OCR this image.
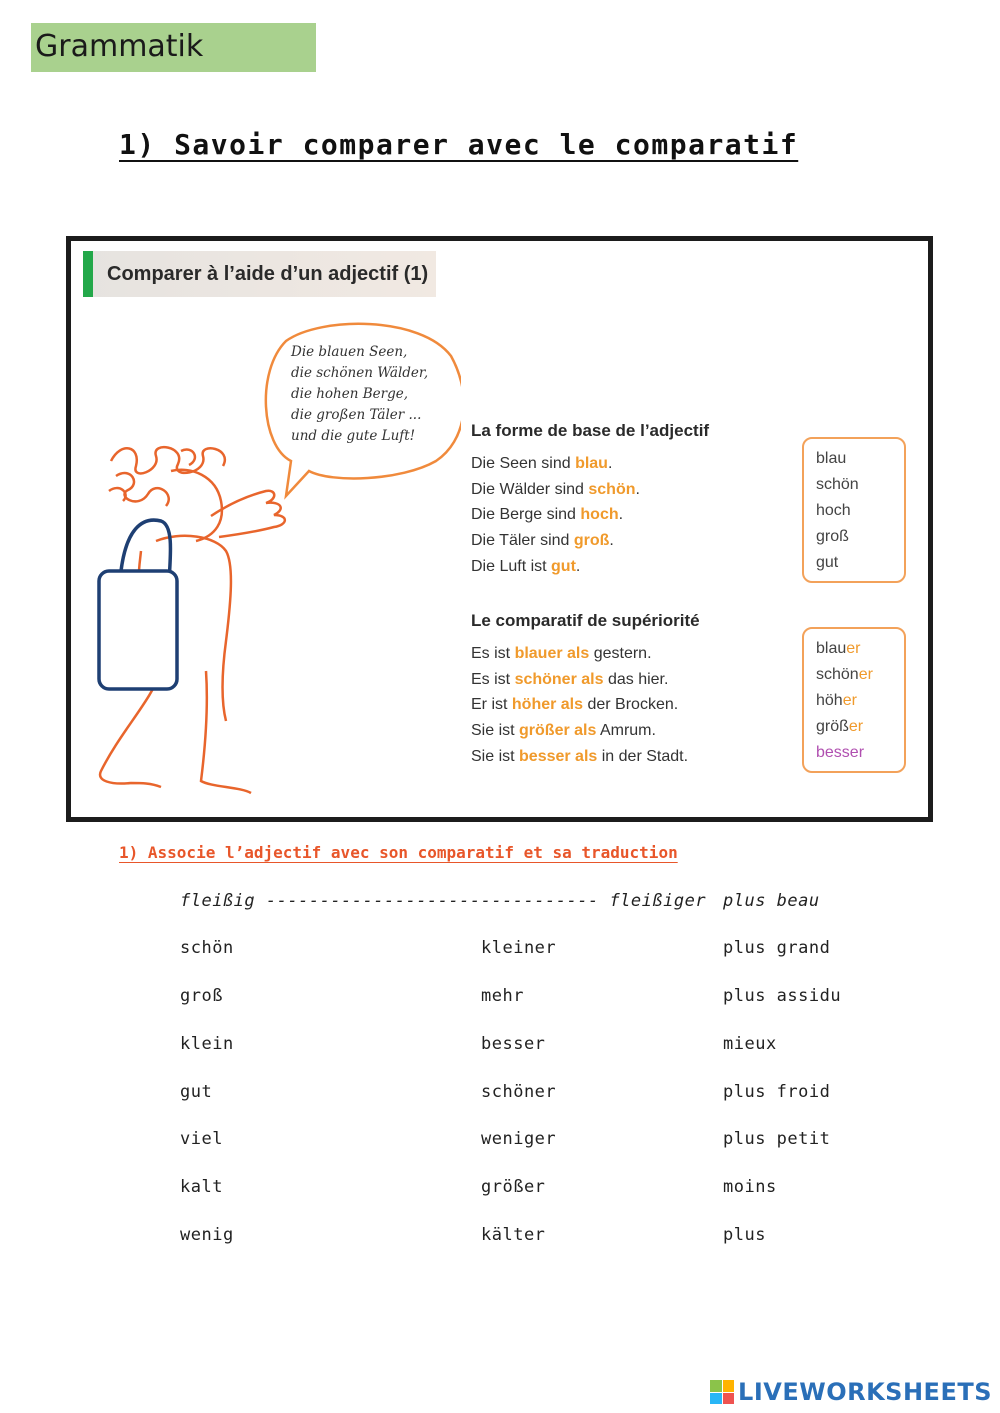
Grammatik
1) Savoir comparer avec le comparatif
Comparer à l’aide d’un adjectif (1)
Die blauen Seen,
die schönen Wälder,
die hohen Berge,
die großen Täler ...
und die gute Luft!	La forme de base de l’adjectif
Die Seen sind blau.
Die Wälder sind schön.
Die Berge sind hoch.
Die Täler sind groß.
Die Luft ist gut.
blau
schön
hoch
groß
gut
Le comparatif de supériorité
Es ist blauer als gestern.
Es ist schöner als das hier.
Er ist höher als der Brocken.
Sie ist größer als Amrum.
Sie ist besser als in der Stadt.
blauer
schöner
höher
größer
besser
1) Associe l’adjectif avec son comparatif et sa traduction
fleißig ------------------------------- fleißiger plus beau
schön
groß
klein
gut
viel
kalt
wenig
kleiner
mehr
besser
schöner
weniger
größer
kälter
plus grand
plus assidu
mieux
plus froid
plus petit
moins
plus
LIVEWORKSHEETS
